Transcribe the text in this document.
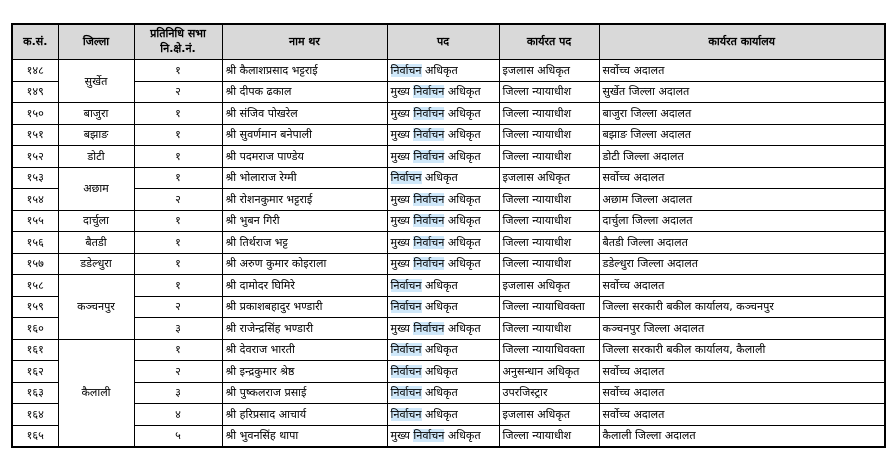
क.सं.	जिल्ला	प्रतिनिधि सभा नि.क्षे.नं.	नाम थर	पद	कार्यरत पद	कार्यरत कार्यालय
१४८	सुर्खेत	१	श्री कैलाशप्रसाद भट्टराई	निर्वाचन अधिकृत	इजलास अधिकृत	सर्वोच्च अदालत
१४९		२	श्री दीपक ढकाल	मुख्य निर्वाचन अधिकृत	जिल्ला न्यायाधीश	सुर्खेत जिल्ला अदालत
१५०	बाजुरा	१	श्री संजिव पोखरेल	मुख्य निर्वाचन अधिकृत	जिल्ला न्यायाधीश	बाजुरा जिल्ला अदालत
१५१	बझाङ	१	श्री सुवर्णमान बनेपाली	मुख्य निर्वाचन अधिकृत	जिल्ला न्यायाधीश	बझाङ जिल्ला अदालत
१५२	डोटी	१	श्री पदमराज पाण्डेय	मुख्य निर्वाचन अधिकृत	जिल्ला न्यायाधीश	डोटी जिल्ला अदालत
१५३	अछाम	१	श्री भोलाराज रेग्मी	निर्वाचन अधिकृत	इजलास अधिकृत	सर्वोच्च अदालत
१५४		२	श्री रोशनकुमार भट्टराई	मुख्य निर्वाचन अधिकृत	जिल्ला न्यायाधीश	अछाम जिल्ला अदालत
१५५	दार्चुला	१	श्री भुबन गिरी	मुख्य निर्वाचन अधिकृत	जिल्ला न्यायाधीश	दार्चुला जिल्ला अदालत
१५६	बैतडी	१	श्री तिर्थराज भट्ट	मुख्य निर्वाचन अधिकृत	जिल्ला न्यायाधीश	बैतडी जिल्ला अदालत
१५७	डडेल्धुरा	१	श्री अरुण कुमार कोइराला	मुख्य निर्वाचन अधिकृत	जिल्ला न्यायाधीश	डडेल्धुरा जिल्ला अदालत
१५८	कञ्चनपुर	१	श्री दामोदर घिमिरे	निर्वाचन अधिकृत	इजलास अधिकृत	सर्वोच्च अदालत
१५९		२	श्री प्रकाशबहादुर भण्डारी	निर्वाचन अधिकृत	जिल्ला न्यायाधिवक्ता	जिल्ला सरकारी बकील कार्यालय, कञ्चनपुर
१६०		३	श्री राजेन्द्रसिंह भण्डारी	मुख्य निर्वाचन अधिकृत	जिल्ला न्यायाधीश	कञ्चनपुर जिल्ला अदालत
१६१	कैलाली	१	श्री देवराज भारती	निर्वाचन अधिकृत	जिल्ला न्यायाधिवक्ता	जिल्ला सरकारी बकील कार्यालय, कैलाली
१६२		२	श्री इन्द्रकुमार श्रेष्ठ	निर्वाचन अधिकृत	अनुसन्धान अधिकृत	सर्वोच्च अदालत
१६३		३	श्री पुष्कलराज प्रसाई	निर्वाचन अधिकृत	उपरजिस्ट्रार	सर्वोच्च अदालत
१६४		४	श्री हरिप्रसाद आचार्य	निर्वाचन अधिकृत	इजलास अधिकृत	सर्वोच्च अदालत
१६५		५	श्री भुवनसिंह थापा	मुख्य निर्वाचन अधिकृत	जिल्ला न्यायाधीश	कैलाली जिल्ला अदालत
